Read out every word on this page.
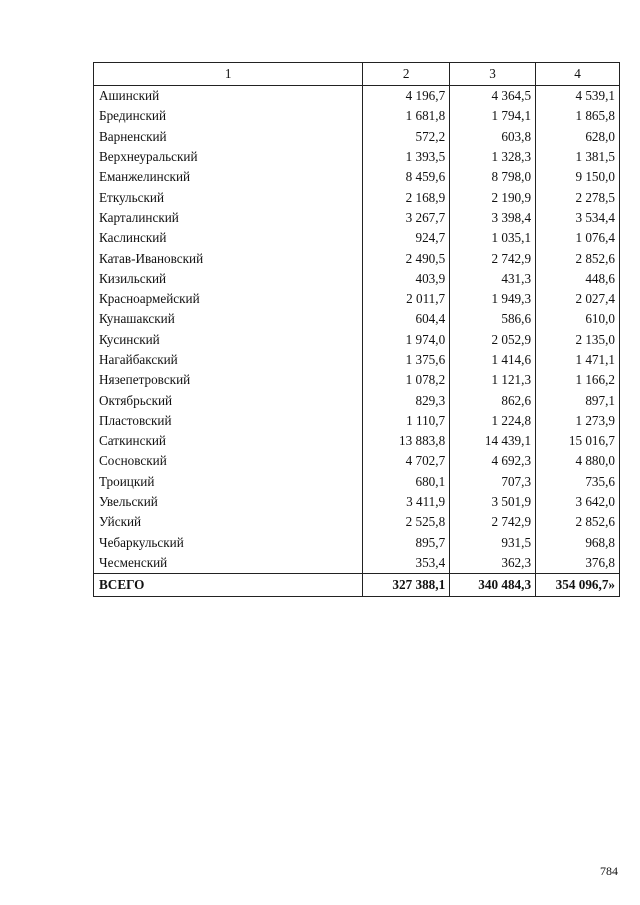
1	2	3	4
Ашинский	4 196,7	4 364,5	4 539,1
Брединский	1 681,8	1 794,1	1 865,8
Варненский	572,2	603,8	628,0
Верхнеуральский	1 393,5	1 328,3	1 381,5
Еманжелинский	8 459,6	8 798,0	9 150,0
Еткульский	2 168,9	2 190,9	2 278,5
Карталинский	3 267,7	3 398,4	3 534,4
Каслинский	924,7	1 035,1	1 076,4
Катав-Ивановский	2 490,5	2 742,9	2 852,6
Кизильский	403,9	431,3	448,6
Красноармейский	2 011,7	1 949,3	2 027,4
Кунашакский	604,4	586,6	610,0
Кусинский	1 974,0	2 052,9	2 135,0
Нагайбакский	1 375,6	1 414,6	1 471,1
Нязепетровский	1 078,2	1 121,3	1 166,2
Октябрьский	829,3	862,6	897,1
Пластовский	1 110,7	1 224,8	1 273,9
Саткинский	13 883,8	14 439,1	15 016,7
Сосновский	4 702,7	4 692,3	4 880,0
Троицкий	680,1	707,3	735,6
Увельский	3 411,9	3 501,9	3 642,0
Уйский	2 525,8	2 742,9	2 852,6
Чебаркульский	895,7	931,5	968,8
Чесменский	353,4	362,3	376,8
ВСЕГО	327 388,1	340 484,3	354 096,7»
784
